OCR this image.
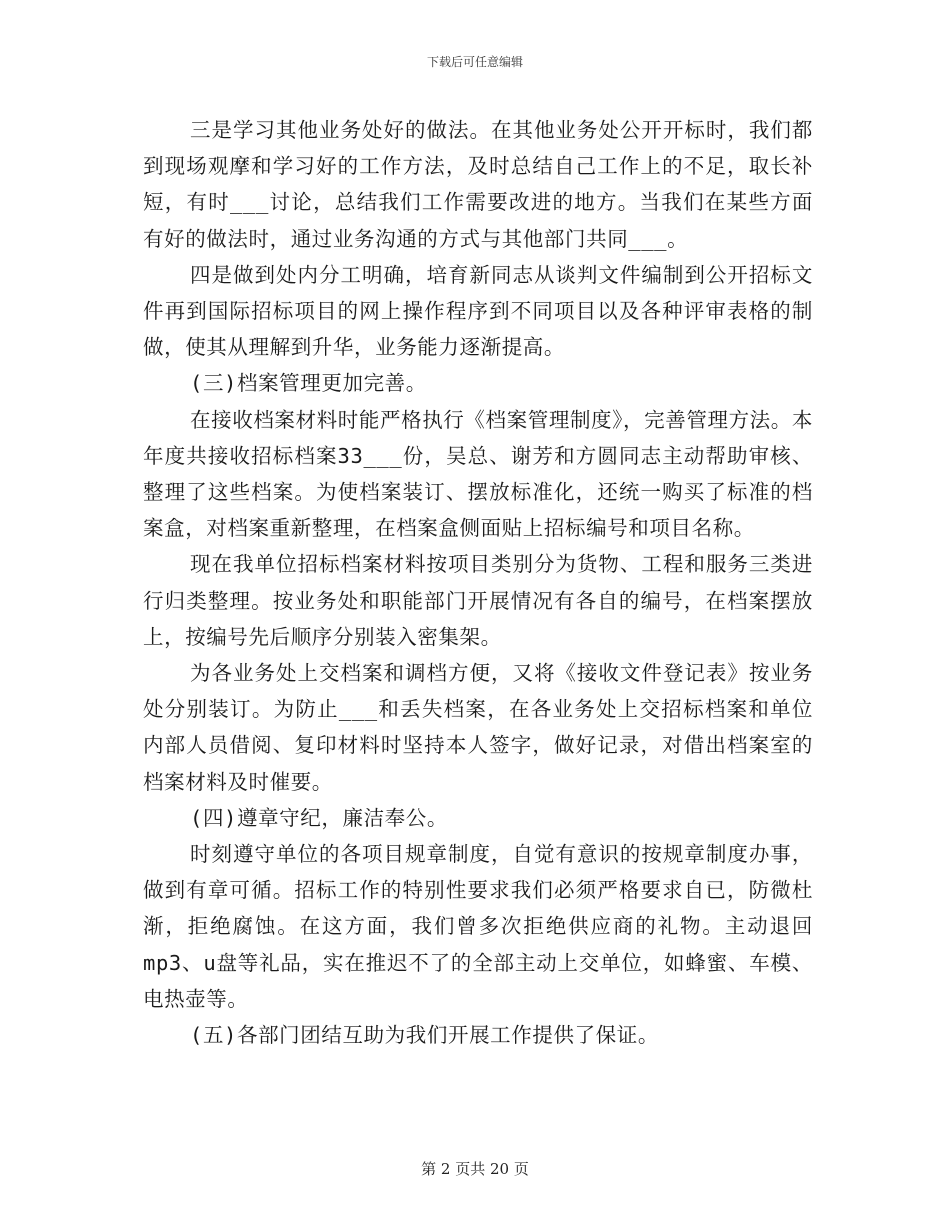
下载后可任意编辑

三是学习其他业务处好的做法。在其他业务处公开开标时，我们都到现场观摩和学习好的工作方法，及时总结自己工作上的不足，取长补短，有时___讨论，总结我们工作需要改进的地方。当我们在某些方面有好的做法时，通过业务沟通的方式与其他部门共同___。

四是做到处内分工明确，培育新同志从谈判文件编制到公开招标文件再到国际招标项目的网上操作程序到不同项目以及各种评审表格的制做，使其从理解到升华，业务能力逐渐提高。

(三)档案管理更加完善。

在接收档案材料时能严格执行《档案管理制度》，完善管理方法。本年度共接收招标档案33___份，吴总、谢芳和方圆同志主动帮助审核、整理了这些档案。为使档案装订、摆放标准化，还统一购买了标准的档案盒，对档案重新整理，在档案盒侧面贴上招标编号和项目名称。

现在我单位招标档案材料按项目类别分为货物、工程和服务三类进行归类整理。按业务处和职能部门开展情况有各自的编号，在档案摆放上，按编号先后顺序分别装入密集架。

为各业务处上交档案和调档方便，又将《接收文件登记表》按业务处分别装订。为防止___和丢失档案，在各业务处上交招标档案和单位内部人员借阅、复印材料时坚持本人签字，做好记录，对借出档案室的档案材料及时催要。

(四)遵章守纪，廉洁奉公。

时刻遵守单位的各项目规章制度，自觉有意识的按规章制度办事，做到有章可循。招标工作的特别性要求我们必须严格要求自已，防微杜渐，拒绝腐蚀。在这方面，我们曾多次拒绝供应商的礼物。主动退回mp3、u盘等礼品，实在推迟不了的全部主动上交单位，如蜂蜜、车模、电热壶等。

(五)各部门团结互助为我们开展工作提供了保证。

第 2 页共 20 页
